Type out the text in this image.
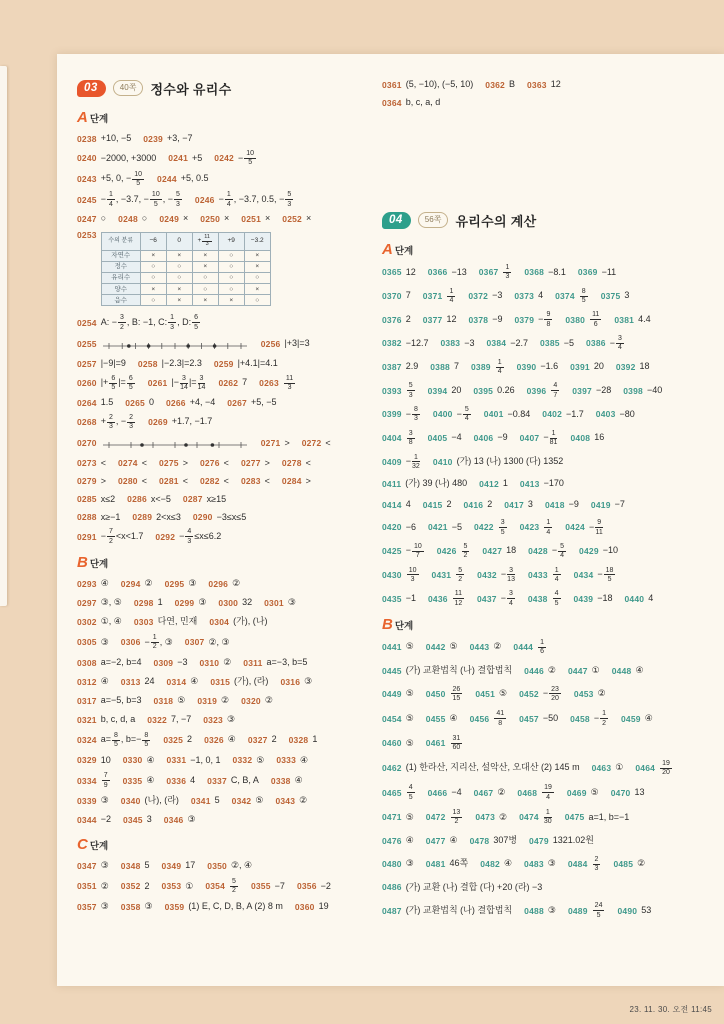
03	40쪽	정수와 유리수
A 단계
0238 +10, −5 0239 +3, −7
0240 −2000, +3000 0241 +5 $0242 - \frac{10}{5}$
0243 +5, 0, − $\frac{10}{5} 0244 +5$, 0.5
$0245 - \frac{1}{4}$ , −3.7, − $\frac{10}{5}$ , − $\frac{5}{3} 0246 - \frac{1}{4}$ , −3.7, 0.5, − $\frac{5}{3}$
0247 ○ 0248 ○ 0249 × 0250 × 0251 × 0252 ×
0253
수의 분류	−6	0	+ $\frac{11}{3}$	+9	−3.2
자연수	×	×	×	○	×
정수	○	○	×	○	×
유리수	○	○	○	○	○
양수	×	×	○	○	×
음수	○	×	×	×	○
0254 A: − $\frac{3}{2}$ , B: −1, C: $\frac{1}{3}$ , D: $\frac{6}{5}$
0255	0256 |+3|=3
0257 |−9|=9 0258 |−2.3|=2.3 0259 |+4.1|=4.1
0260 |+ $\frac{6}{5}$ |= $\frac{6}{5} 0261$ |− $\frac{3}{14}$ |= $\frac{3}{14} 0262$ 7 $0263 \frac{11}{3}$
0264 1.5 0265 0 0266 +4, −4 0267 +5, −5
$0268 + \frac{2}{3}$ , − $\frac{2}{3} 0269 +1.7$, −1.7
0270	0271 > 0272 <
0273 < 0274 < 0275 > 0276 < 0277 > 0278 <
0279 > 0280 < 0281 < 0282 < 0283 < 0284 >
0285 x≤2 0286 x<−5 0287 x≥15
0288 x≥−1 0289 2<x≤3 0290 −3≤x≤5
$0291 - \frac{7}{2} <x<1.7$ $0292 - \frac{4}{3} \le x\le 6.2$
B 단계
0293 ④ 0294 ② 0295 ③ 0296 ②
0297 ③, ⑤ 0298 1 0299 ③ 0300 32 0301 ③
0302 ①, ④ 0303 다연, 민재 0304 (가), (나)
0305 ③ $0306 - \frac{1}{2}$ , ③ 0307 ②, ③
0308 a=−2, b=4 0309 −3 0310 ② 0311 a=−3, b=5
0312 ④ 0313 24 0314 ④ 0315 (가), (라) 0316 ③
0317 a=−5, b=3 0318 ⑤ 0319 ② 0320 ②
0321 b, c, d, a 0322 7, −7 0323 ③
0324 $a= \frac{8}{5}$ , $b=- \frac{8}{5} 0325$ 2 0326 ④ 0327 2 0328 1
0329 10 0330 ④ 0331 −1, 0, 1 0332 ⑤ 0333 ④
$0334 \frac{7}{9} 0335$ ④ 0336 4 0337 C, B, A 0338 ④
0339 ③ 0340 (나), (라) 0341 5 0342 ⑤ 0343 ②
0344 −2 0345 3 0346 ③
C 단계
0347 ③ 0348 5 0349 17 0350 ②, ④
0351 ② 0352 2 0353 ① $0354 \frac{5}{2} 0355 -7$ 0356 −2
0357 ③ 0358 ③ 0359 (1) E, C, D, B, A (2) 8 m 0360 19
0361 (5, −10), (−5, 10) 0362 B 0363 12
0364 b, c, a, d
04	56쪽	유리수의 계산
A 단계
0365 12 0366 −13 $0367 \frac{1}{3} 0368 -8.1$ 0369 −11
0370 7 $0371 \frac{1}{4} 0372 -3$ 0373 4 $0374 \frac{8}{5} 0375$ 3
0376 2 0377 12 0378 −9 $0379 - \frac{9}{8} 0380 \frac{11}{6} 0381$ 4.4
0382 −12.7 0383 −3 0384 −2.7 0385 −5 $0386 - \frac{3}{4}$
0387 2.9 0388 7 $0389 \frac{1}{4} 0390 -1.6$ 0391 20 0392 18
$0393 \frac{5}{3} 0394$ 20 0395 0.26 $0396 \frac{4}{7} 0397 -28$ 0398 −40
$0399 - \frac{8}{3} 0400 - \frac{5}{4} 0401 -0.84$ 0402 −1.7 0403 −80
$0404 \frac{3}{8} 0405 -4$ 0406 −9 $0407 - \frac{1}{81} 0408$ 16
$0409 - \frac{1}{32} 0410$ (가) 13 (나) 1300 (다) 1352
0411 (가) 39 (나) 480 0412 1 0413 −170
0414 4 0415 2 0416 2 0417 3 0418 −9 0419 −7
0420 −6 0421 −5 $0422 \frac{3}{5} 0423 \frac{1}{4} 0424 - \frac{9}{11}$
$0425 - \frac{10}{7} 0426 \frac{5}{2} 0427$ 18 $0428 - \frac{5}{4} 0429 -10$
$0430 \frac{10}{3} 0431 \frac{5}{2} 0432 - \frac{3}{13} 0433 \frac{1}{4} 0434 - \frac{18}{5}$
0435 −1 $0436 \frac{11}{12} 0437 - \frac{3}{4} 0438 \frac{4}{5} 0439 -18$ 0440 4
B 단계
0441 ⑤ 0442 ⑤ 0443 ② $0444 \frac{1}{6}$
0445 (가) 교환법칙 (나) 결합법칙 0446 ② 0447 ① 0448 ④
0449 ⑤ $0450 \frac{26}{15} 0451$ ⑤ $0452 - \frac{23}{20} 0453$ ②
0454 ⑤ 0455 ④ $0456 \frac{41}{8} 0457 -50$ $0458 - \frac{1}{2} 0459$ ④
0460 ⑤ $0461 \frac{31}{60}$
0462 (1) 한라산, 지리산, 설악산, 오대산 (2) 145 m 0463 ① $0464 \frac{19}{20}$
$0465 \frac{4}{5} 0466 -4$ 0467 ② $0468 \frac{19}{4} 0469$ ⑤ 0470 13
0471 ⑤ $0472 \frac{13}{2} 0473$ ② $0474 \frac{1}{30} 0475$ a=1, b=−1
0476 ④ 0477 ④ 0478 307병 0479 1321.02원
0480 ③ 0481 46쪽 0482 ④ 0483 ③ $0484 \frac{2}{3} 0485$ ②
0486 (가) 교환 (나) 결합 (다) +20 (라) −3
0487 (가) 교환법칙 (나) 결합법칙 0488 ③ $0489 \frac{24}{5} 0490$ 53
23. 11. 30. 오전 11:45
